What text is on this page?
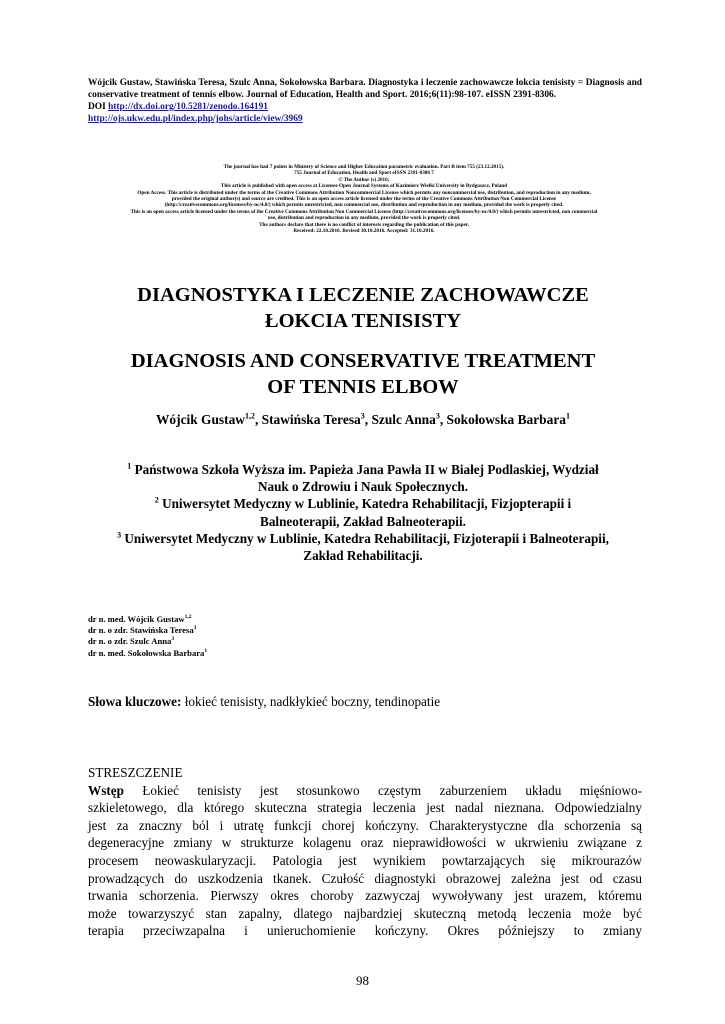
Wójcik Gustaw, Stawińska Teresa, Szulc Anna, Sokołowska Barbara. Diagnostyka i leczenie zachowawcze łokcia tenisisty = Diagnosis and conservative treatment of tennis elbow. Journal of Education, Health and Sport. 2016;6(11):98-107. eISSN 2391-8306.
DOI http://dx.doi.org/10.5281/zenodo.164191
http://ojs.ukw.edu.pl/index.php/johs/article/view/3969
The journal has had 7 points in Ministry of Science and Higher Education parametric evaluation. Part B item 755 (23.12.2015).
755 Journal of Education, Health and Sport eISSN 2391-8306 7
© The Author (s) 2016;
This article is published with open access at Licensee Open Journal Systems of Kazimierz Wielki University in Bydgoszcz, Poland
Open Access. This article is distributed under the terms of the Creative Commons Attribution Noncommercial License which permits any noncommercial use, distribution, and reproduction in any medium,
provided the original author(s) and source are credited. This is an open access article licensed under the terms of the Creative Commons Attribution Non Commercial License
(http://creativecommons.org/licenses/by-nc/4.0/) which permits unrestricted, non commercial use, distribution and reproduction in any medium, provided the work is properly cited.
This is an open access article licensed under the terms of the Creative Commons Attribution Non Commercial License (http://creativecommons.org/licenses/by-nc/4.0/) which permits unrestricted, non commercial
use, distribution and reproduction in any medium, provided the work is properly cited.
The authors declare that there is no conflict of interests regarding the publication of this paper.
Received: 22.10.2016. Revised 30.10.2016. Accepted: 31.10.2016.
DIAGNOSTYKA I LECZENIE ZACHOWAWCZE
ŁOKCIA TENISISTY
DIAGNOSIS AND CONSERVATIVE TREATMENT
OF TENNIS ELBOW
Wójcik Gustaw$^{1,2}$, Stawińska Teresa$^3$, Szulc Anna$^3$, Sokołowska Barbara$^1$
$^1$ Państwowa Szkoła Wyższa im. Papieża Jana Pawła II w Białej Podlaskiej, Wydział
Nauk o Zdrowiu i Nauk Społecznych.
$^2$ Uniwersytet Medyczny w Lublinie, Katedra Rehabilitacji, Fizjopterapii i
Balneoterapii, Zakład Balneoterapii.
$^3$ Uniwersytet Medyczny w Lublinie, Katedra Rehabilitacji, Fizjoterapii i Balneoterapii,
Zakład Rehabilitacji.
dr n. med. Wójcik Gustaw$^{1,2}$
dr n. o zdr. Stawińska Teresa$^3$
dr n. o zdr. Szulc Anna$^3$
dr n. med. Sokołowska Barbara$^1$
Słowa kluczowe: łokieć tenisisty, nadkłykieć boczny, tendinopatie
STRESZCZENIE

Wstęp Łokieć tenisisty jest stosunkowo częstym zaburzeniem układu mięśniowo-

szkieletowego, dla którego skuteczna strategia leczenia jest nadal nieznana. Odpowiedzialny

jest za znaczny ból i utratę funkcji chorej kończyny. Charakterystyczne dla schorzenia są

degeneracyjne zmiany w strukturze kolagenu oraz nieprawidłowości w ukrwieniu związane z

procesem neowaskularyzacji. Patologia jest wynikiem powtarzających się mikrourazów

prowadzących do uszkodzenia tkanek. Czułość diagnostyki obrazowej zależna jest od czasu

trwania schorzenia. Pierwszy okres choroby zazwyczaj wywoływany jest urazem, któremu

może towarzyszyć stan zapalny, dlatego najbardziej skuteczną metodą leczenia może być

terapia przeciwzapalna i unieruchomienie kończyny. Okres późniejszy to zmiany

98
